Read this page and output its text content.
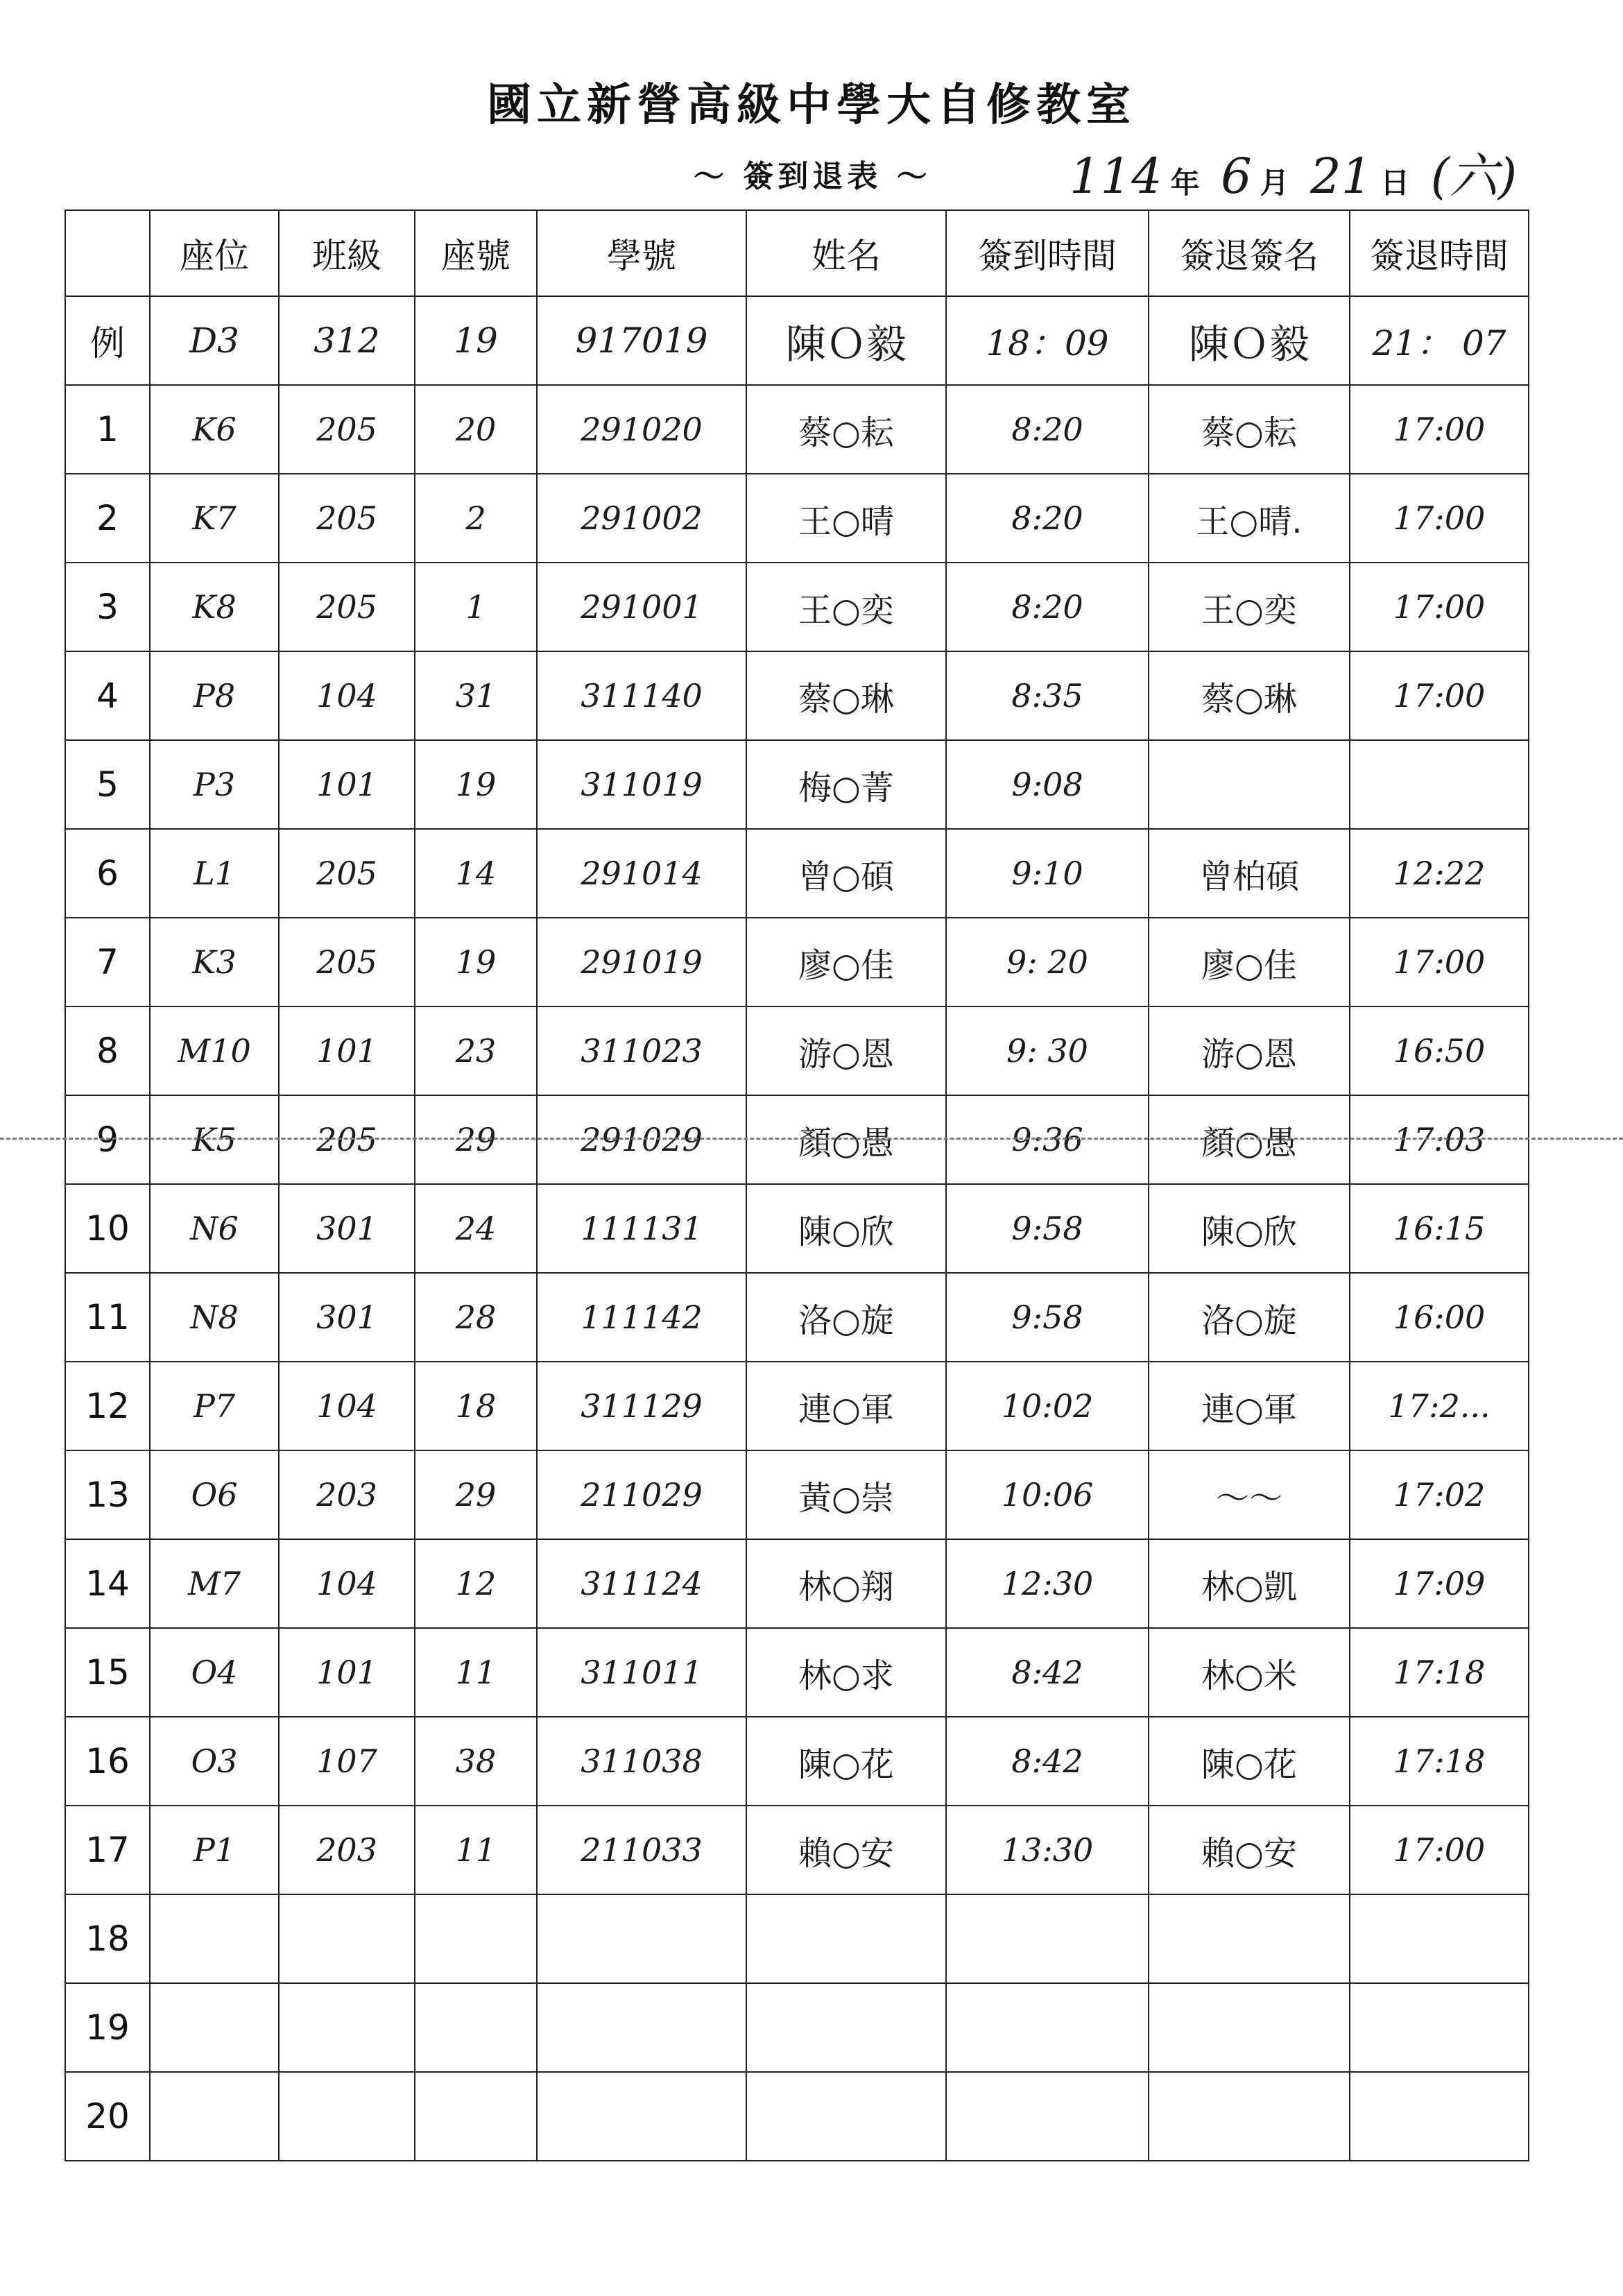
國立新營高級中學大自修教室
～ 簽到退表 ～	114 年 6 月 21 日 (六)
	座位	班級	座號	學號	姓名	簽到時間	簽退簽名	簽退時間
例	D3	312	19	917019	陳Ｏ毅	18：09	陳Ｏ毅	21： 07
1	K6	205	20	291020	蔡○耘	8:20	蔡○耘	17:00
2	K7	205	2	291002	王○晴	8:20	王○晴.	17:00
3	K8	205	1	291001	王○奕	8:20	王○奕	17:00
4	P8	104	31	311140	蔡○琳	8:35	蔡○琳	17:00
5	P3	101	19	311019	梅○菁	9:08		
6	L1	205	14	291014	曾○碩	9:10	曾柏碩	12:22
7	K3	205	19	291019	廖○佳	9: 20	廖○佳	17:00
8	M10	101	23	311023	游○恩	9: 30	游○恩	16:50
9	K5	205	29	291029	顏○愚	9:36	顏○愚	17:03
10	N6	301	24	111131	陳○欣	9:58	陳○欣	16:15
11	N8	301	28	111142	洛○旋	9:58	洛○旋	16:00
12	P7	104	18	311129	連○軍	10:02	連○軍	17:2...
13	O6	203	29	211029	黃○崇	10:06	～～	17:02
14	M7	104	12	311124	林○翔	12:30	林○凱	17:09
15	O4	101	11	311011	林○求	8:42	林○米	17:18
16	O3	107	38	311038	陳○花	8:42	陳○花	17:18
17	P1	203	11	211033	賴○安	13:30	賴○安	17:00
18								
19								
20								
